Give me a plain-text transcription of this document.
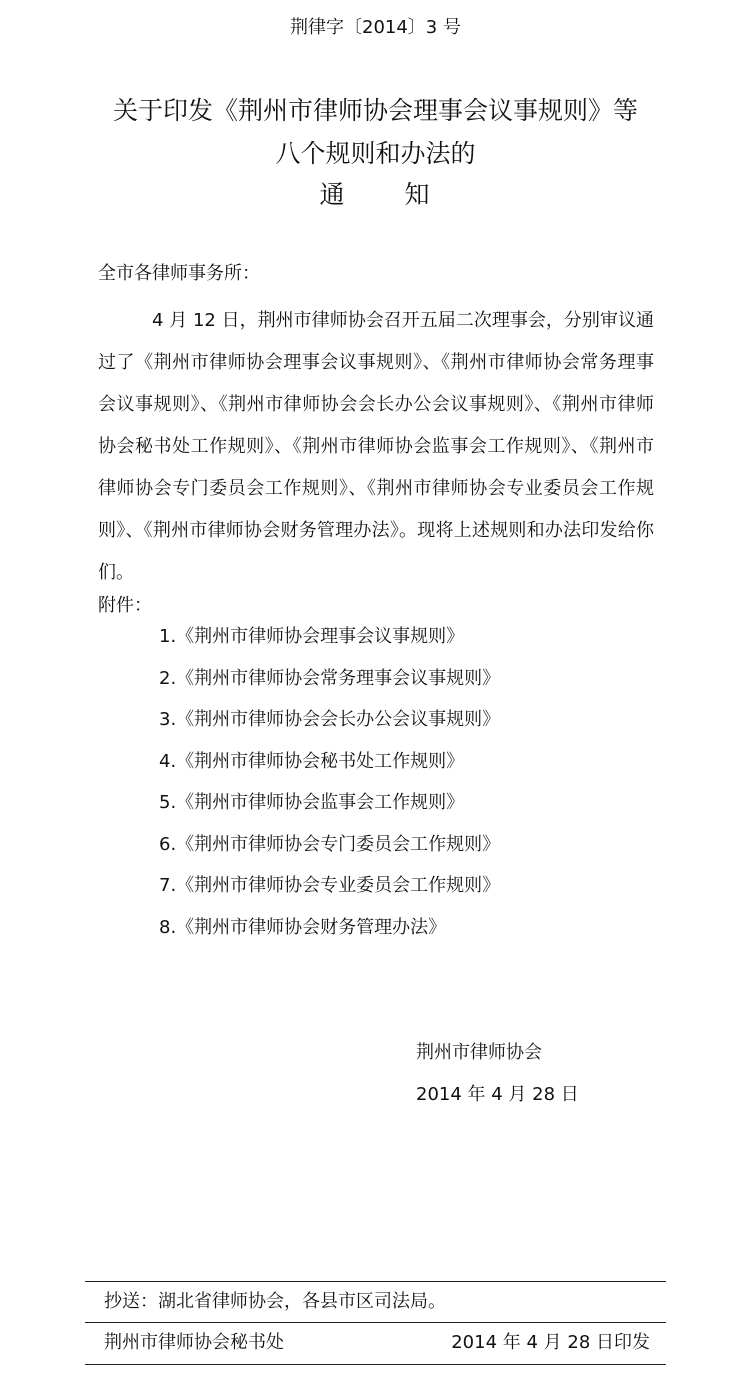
荆律字〔2014〕3 号
关于印发《荆州市律师协会理事会议事规则》等
八个规则和办法的
通 知
全市各律师事务所：

4 月 12 日，荆州市律师协会召开五届二次理事会，分别审议通过了《荆州市律师协会理事会议事规则》、《荆州市律师协会常务理事会议事规则》、《荆州市律师协会会长办公会议事规则》、《荆州市律师协会秘书处工作规则》、《荆州市律师协会监事会工作规则》、《荆州市律师协会专门委员会工作规则》、《荆州市律师协会专业委员会工作规则》、《荆州市律师协会财务管理办法》。现将上述规则和办法印发给你们。

附件：
1.《荆州市律师协会理事会议事规则》
2.《荆州市律师协会常务理事会议事规则》
3.《荆州市律师协会会长办公会议事规则》
4.《荆州市律师协会秘书处工作规则》
5.《荆州市律师协会监事会工作规则》
6.《荆州市律师协会专门委员会工作规则》
7.《荆州市律师协会专业委员会工作规则》
8.《荆州市律师协会财务管理办法》
荆州市律师协会
2014 年 4 月 28 日
抄送：湖北省律师协会，各县市区司法局。
荆州市律师协会秘书处	2014 年 4 月 28 日印发
